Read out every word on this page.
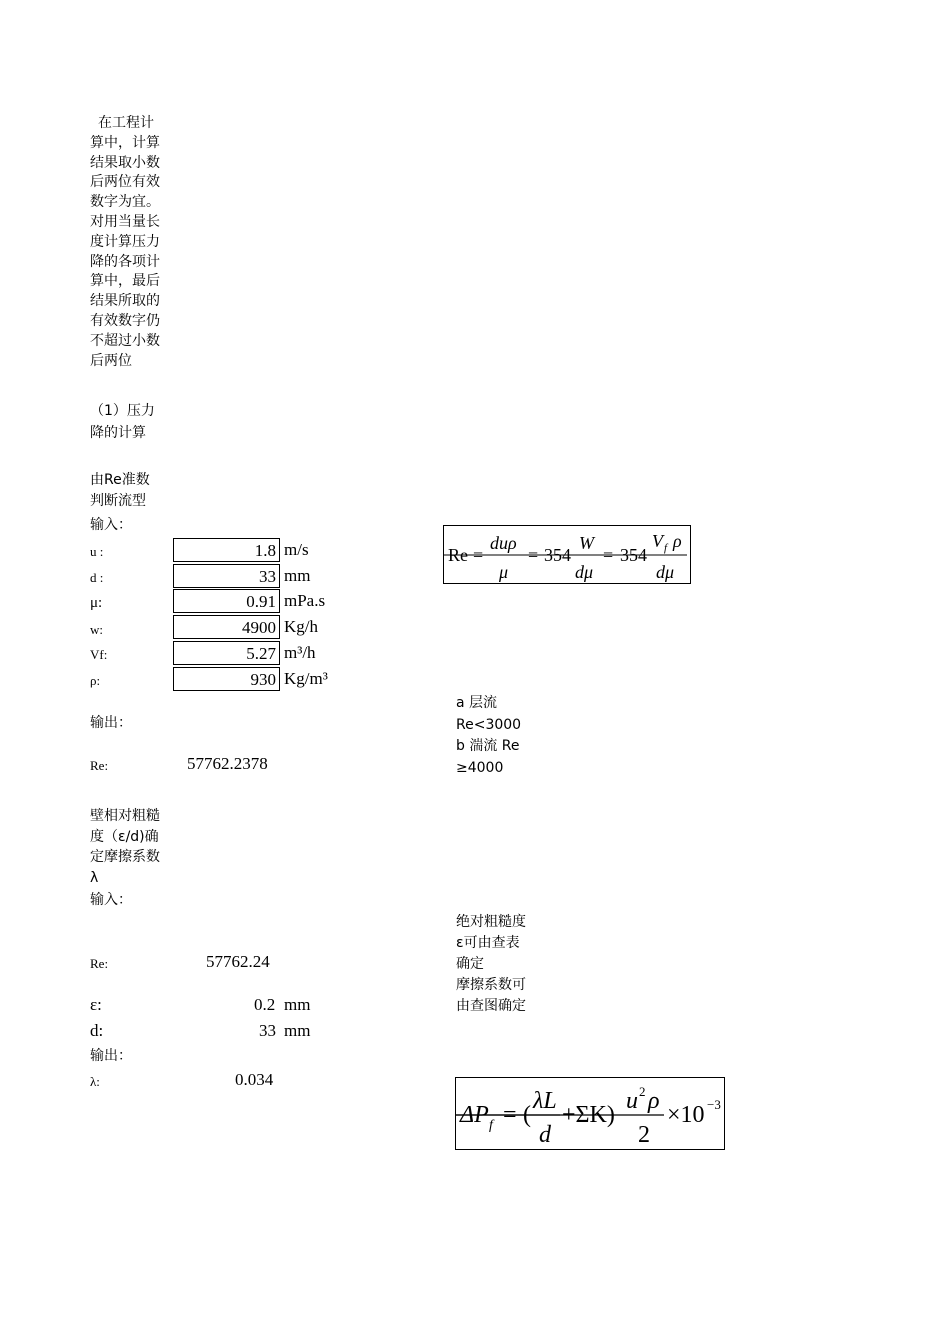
在工程计
算中，计算
结果取小数
后两位有效
数字为宜。
对用当量长
度计算压力
降的各项计
算中，最后
结果所取的
有效数字仍
不超过小数
后两位
（1）压力
降的计算
由Re准数
判断流型
输入：
u :	1.8 m/s
d :	33 mm
μ:	0.91 mPa.s
w:	4900 Kg/h
Vf:	5.27 m³/h
ρ:	930 Kg/m³
输出：
Re:	57762.2378
a 层流
Re<3000
b 湍流 Re
≥4000
Re =
duρ
μ
= 354
W
dμ
= 354
V f ρ
dμ
壁相对粗糙
度（ε/d)确
定摩擦系数
λ
输入：
Re:	57762.24
ε:	0.2 mm
d:	33 mm
输出：
λ:	0.034
绝对粗糙度
ε可由查表
确定
摩擦系数可
由查图确定
ΔP f = (
λL
d
+ΣK)
u 2 ρ
2
×10 −3
